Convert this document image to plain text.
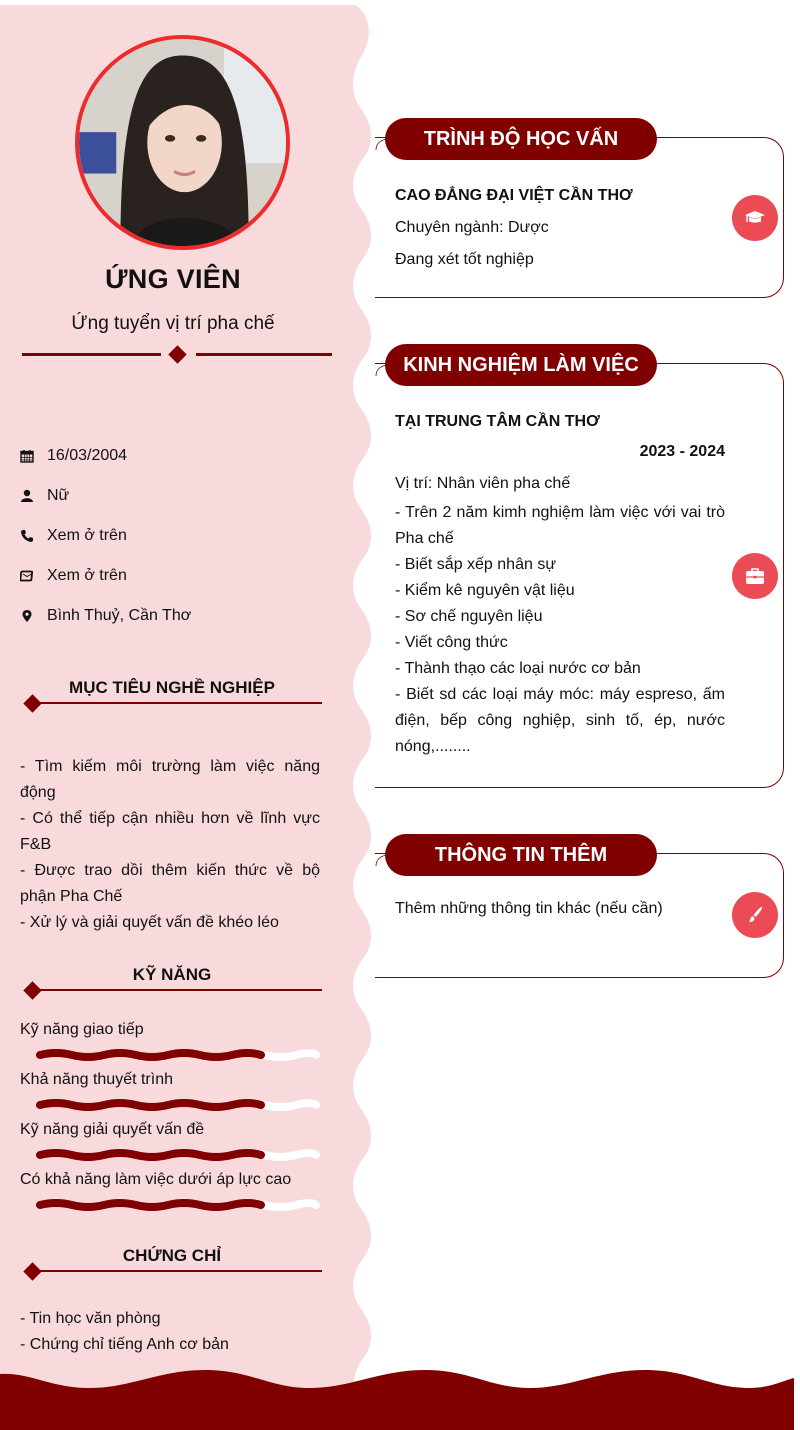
ỨNG VIÊN
Ứng tuyển vị trí pha chế
16/03/2004
Nữ
Xem ở trên
Xem ở trên
Bình Thuỷ, Cần Thơ
MỤC TIÊU NGHỀ NGHIỆP

- Tìm kiếm môi trường làm việc năng động

- Có thể tiếp cận nhiều hơn về lĩnh vực F&B

- Được trao dồi thêm kiến thức về bộ phận Pha Chế

- Xử lý và giải quyết vấn đề khéo léo

KỸ NĂNG
Kỹ năng giao tiếp
Khả năng thuyết trình
Kỹ năng giải quyết vấn đề
Có khả năng làm việc dưới áp lực cao
CHỨNG CHỈ
- Tin học văn phòng
- Chứng chỉ tiếng Anh cơ bản
CAO ĐẲNG ĐẠI VIỆT CẦN THƠ
Chuyên ngành: Dược
Đang xét tốt nghiệp
TRÌNH ĐỘ HỌC VẤN
TẠI TRUNG TÂM CẦN THƠ
2023 - 2024
Vị trí: Nhân viên pha chế

- Trên 2 năm kimh nghiệm làm việc với vai trò Pha chế

- Biết sắp xếp nhân sự

- Kiểm kê nguyên vật liệu

- Sơ chế nguyên liệu

- Viết công thức

- Thành thạo các loại nước cơ bản

- Biết sd các loại máy móc: máy espreso, ấm điện, bếp công nghiệp, sinh tố, ép, nước nóng,........

KINH NGHIỆM LÀM VIỆC
Thêm những thông tin khác (nếu cần)
THÔNG TIN THÊM
